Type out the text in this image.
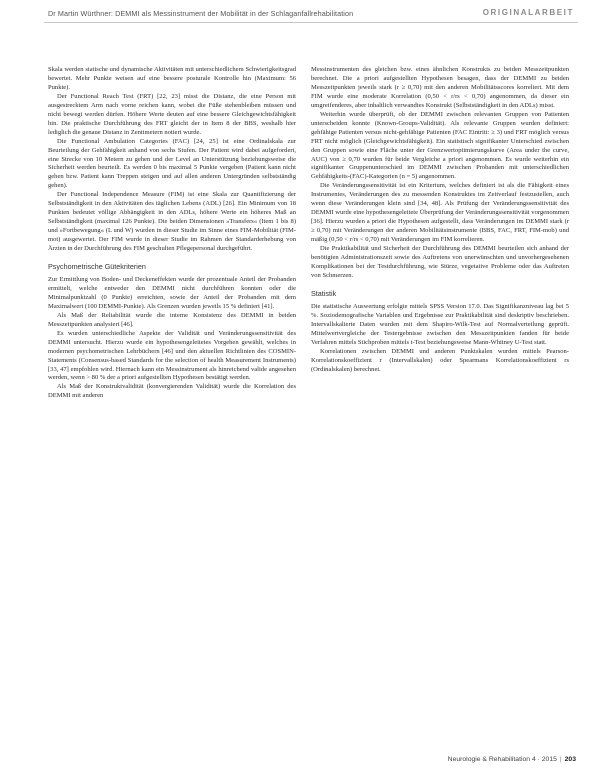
Dr Martin Würthner: DEMMI als Messinstrument der Mobilität in der Schlaganfallrehabilitation	ORIGINALARBEIT

Skala werden statische und dynamische Aktivitäten mit unterschiedlichem Schwierigkeitsgrad bewertet. Mehr Punkte weisen auf eine bessere posturale Kontrolle hin (Maximum: 56 Punkte).

Der Functional Reach Test (FRT) [22, 23] misst die Distanz, die eine Person mit ausgestrecktem Arm nach vorne reichen kann, wobei die Füße stehenbleiben müssen und nicht bewegt werden dürfen. Höhere Werte deuten auf eine bessere Gleichgewichtsfähigkeit hin. Die praktische Durchführung des FRT gleicht der in Item 8 der BBS, weshalb hier lediglich die genaue Distanz in Zentimetern notiert wurde.

Die Functional Ambulation Categories (FAC) [24, 25] ist eine Ordinalskala zur Beurteilung der Gehfähigkeit anhand von sechs Stufen. Der Patient wird dabei aufgefordert, eine Strecke von 10 Metern zu gehen und der Level an Unterstützung beziehungsweise die Sicherheit werden beurteilt. Es werden 0 bis maximal 5 Punkte vergeben (Patient kann nicht gehen bzw. Patient kann Treppen steigen und auf allen anderen Untergründen selbstständig gehen).

Der Functional Independence Measure (FIM) ist eine Skala zur Quantifizierung der Selbstständigkeit in den Aktivitäten des täglichen Lebens (ADL) [26]. Ein Minimum von 18 Punkten bedeutet völlige Abhängigkeit in den ADLs, höhere Werte ein höheres Maß an Selbstständigkeit (maximal 126 Punkte). Die beiden Dimensionen »Transfers« (Item 1 bis 8) und »Fortbewegung« (L und W) wurden in dieser Studie im Sinne eines FIM-Mobilität (FIM-mot) ausgewertet. Der FIM wurde in dieser Studie im Rahmen der Standarderhebung von Ärzten in der Durchführung des FIM geschulten Pflegepersonal durchgeführt.

Psychometrische Gütekriterien

Zur Ermittlung von Boden- und Deckeneffekten wurde der prozentuale Anteil der Probanden ermittelt, welche entweder den DEMMI nicht durchführen konnten oder die Minimalpunktzahl (0 Punkte) erreichten, sowie der Anteil der Probanden mit dem Maximalwert (100 DEMMI-Punkte). Als Grenzen wurden jeweils 15 % definiert [41].

Als Maß der Reliabilität wurde die interne Konsistenz des DEMMI in beiden Messzeitpunkten analysiert [46].

Es wurden unterschiedliche Aspekte der Validität und Veränderungssensitivität des DEMMI untersucht. Hierzu wurde ein hypothesengeleitetes Vorgehen gewählt, welches in modernen psychometrischen Lehrbüchern [46] und den aktuellen Richtlinien des COSMIN-Statements (Consensus-based Standards for the selection of health Measurement Instruments) [33, 47] empfohlen wird. Hiernach kann ein Messinstrument als hinreichend valide angesehen werden, wenn > 80 % der a priori aufgestellten Hypothesen bestätigt werden.

Als Maß der Konstruktvalidität (konvergierenden Validität) wurde die Korrelation des DEMMI mit anderen

Messinstrumenten des gleichen bzw. eines ähnlichen Konstrukts zu beiden Messzeitpunkten berechnet. Die a priori aufgestellten Hypothesen besagen, dass der DEMMI zu beiden Messzeitpunkten jeweils stark (r ≥ 0,70) mit den anderen Mobilitätsscores korreliert. Mit dem FIM wurde eine moderate Korrelation (0,50 < r/rs < 0,70) angenommen, da dieser ein umgreifenderes, aber inhaltlich verwandtes Konstrukt (Selbstständigkeit in den ADLs) misst.

Weiterhin wurde überprüft, ob der DEMMI zwischen relevanten Gruppen von Patienten unterscheiden konnte (Known-Groups-Validität). Als relevante Gruppen wurden definiert: gehfähige Patienten versus nicht-gehfähige Patienten (FAC Eintritt: ≥ 3) und FRT möglich versus FRT nicht möglich (Gleichgewichtsfähigkeit). Ein statistisch signifikanter Unterschied zwischen den Gruppen sowie eine Fläche unter der Grenzwertoptimierungskurve (Area under the curve, AUC) von ≥ 0,70 wurden für beide Vergleiche a priori angenommen. Es wurde weiterhin ein signifikanter Gruppenunterschied im DEMMI zwischen Probanden mit unterschiedlichen Gehfähigkeits-(FAC)-Kategorien (n = 5) angenommen.

Die Veränderungssensitivität ist ein Kriterium, welches definiert ist als die Fähigkeit eines Instrumentes, Veränderungen des zu messenden Konstruktes im Zeitverlauf festzustellen, auch wenn diese Veränderungen klein sind [34, 48]. Als Prüfung der Veränderungssensitivität des DEMMI wurde eine hypothesengeleitete Überprüfung der Veränderungssensitivität vorgenommen [36]. Hierzu wurden a priori die Hypothesen aufgestellt, dass Veränderungen im DEMMI stark (r ≥ 0,70) mit Veränderungen der anderen Mobilitätsinstrumente (BBS, FAC, FRT, FIM-mob) und mäßig (0,50 < r/rs < 0,70) mit Veränderungen im FIM korrelieren.

Die Praktikabilität und Sicherheit der Durchführung des DEMMI beurteilen sich anhand der benötigten Administrationszeit sowie des Auftretens von unerwünschten und unvorhergesehenen Komplikationen bei der Testdurchführung, wie Stürze, vegetative Probleme oder das Auftreten von Schmerzen.

Statistik

Die statistische Auswertung erfolgte mittels SPSS Version 17.0. Das Signifikanzniveau lag bei 5 %. Soziodemografische Variablen und Ergebnisse zur Praktikabilität sind deskriptiv beschrieben. Intervallskalierte Daten wurden mit dem Shapiro-Wilk-Test auf Normalverteilung geprüft. Mittelwertvergleiche der Testergebnisse zwischen den Messzeitpunkten fanden für beide Verfahren mittels Stichproben mittels t-Test beziehungsweise Mann-Whitney U-Test statt.

Korrelationen zwischen DEMMI und anderen Punktskalen wurden mittels Pearson-Korrelationskoeffizient r (Intervallskalen) oder Spearmans Korrelationskoeffizient rs (Ordinalskalen) berechnet.

Neurologie & Rehabilitation 4 · 2015 | 203
